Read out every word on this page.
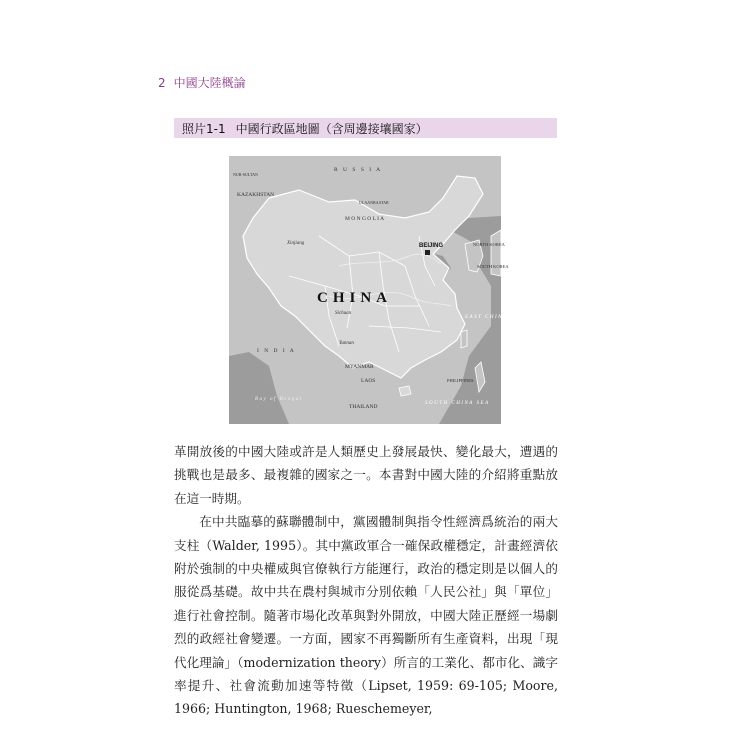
2 中國大陸概論
照片1-1 中國行政區地圖（含周邊接壤國家）
R U S S I A
KAZAKHSTAN
M O N G O L I A
I N D I A
MYANMAR
LAOS
THAILAND
NORTH KOREA
SOUTH KOREA
PHILIPPINES
NUR-SULTAN
ULAANBAATAR
Xinjiang
Sichuan
Yunnan
EAST CHINA SEA
SOUTH CHINA SEA
Bay of Bengal
BEIJING
CHINA

革開放後的中國大陸或許是人類歷史上發展最快、變化最大，遭遇的挑戰也是最多、最複雜的國家之一。本書對中國大陸的介紹將重點放在這一時期。

在中共臨摹的蘇聯體制中，黨國體制與指令性經濟爲統治的兩大支柱（Walder, 1995）。其中黨政軍合一確保政權穩定，計畫經濟依附於強制的中央權威與官僚執行方能運行，政治的穩定則是以個人的服從爲基礎。故中共在農村與城市分別依賴「人民公社」與「單位」進行社會控制。隨著市場化改革與對外開放，中國大陸正歷經一場劇烈的政經社會變遷。一方面，國家不再獨斷所有生產資料，出現「現代化理論」（modernization theory）所言的工業化、都市化、識字率提升、社會流動加速等特徵（Lipset, 1959: 69-105; Moore, 1966; Huntington, 1968; Rueschemeyer,
